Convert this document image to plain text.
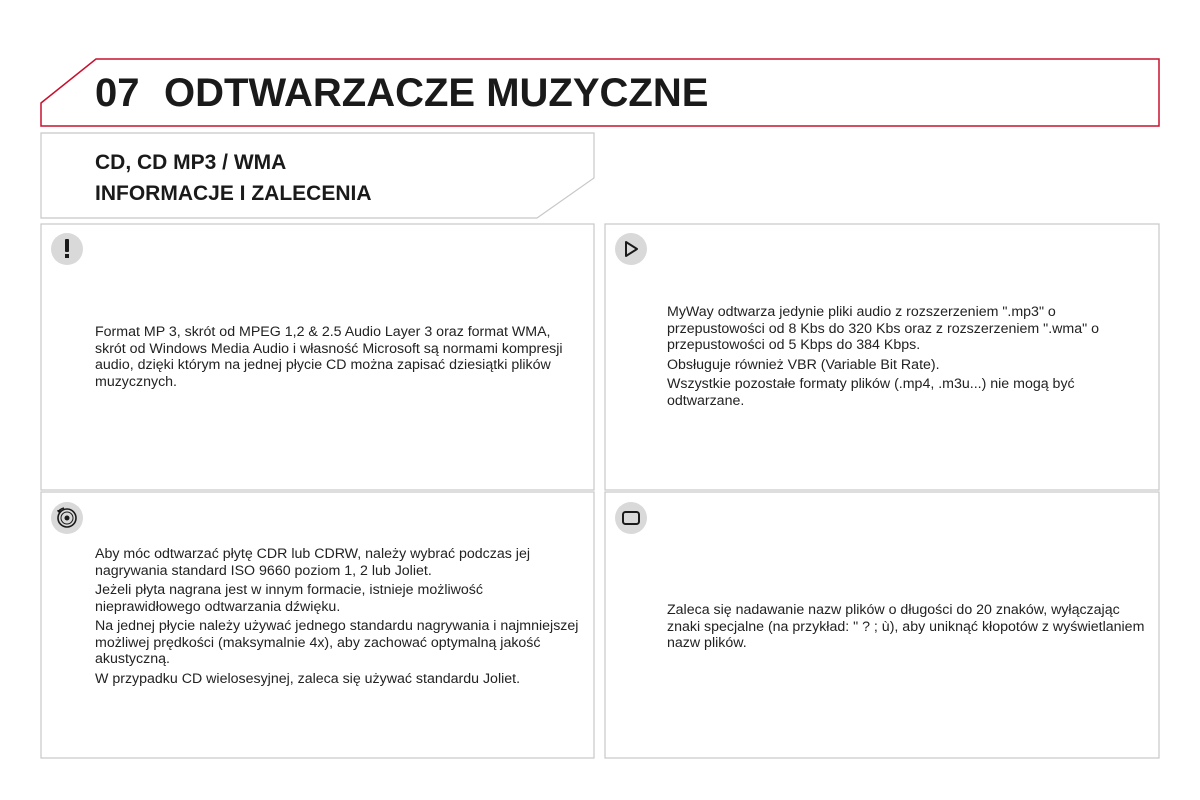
07 ODTWARZACZE MUZYCZNE
CD, CD MP3 / WMA
INFORMACJE I ZALECENIA

Format MP 3, skrót od MPEG 1,2 & 2.5 Audio Layer 3 oraz format WMA, skrót od Windows Media Audio i własność Microsoft są normami kompresji audio, dzięki którym na jednej płycie CD można zapisać dziesiątki plików muzycznych.

MyWay odtwarza jedynie pliki audio z rozszerzeniem ".mp3" o przepustowości od 8 Kbs do 320 Kbs oraz z rozszerzeniem ".wma" o przepustowości od 5 Kbps do 384 Kbps.

Obsługuje również VBR (Variable Bit Rate).

Wszystkie pozostałe formaty plików (.mp4, .m3u...) nie mogą być odtwarzane.

Aby móc odtwarzać płytę CDR lub CDRW, należy wybrać podczas jej nagrywania standard ISO 9660 poziom 1, 2 lub Joliet.

Jeżeli płyta nagrana jest w innym formacie, istnieje możliwość nieprawidłowego odtwarzania dźwięku.

Na jednej płycie należy używać jednego standardu nagrywania i najmniejszej możliwej prędkości (maksymalnie 4x), aby zachować optymalną jakość akustyczną.

W przypadku CD wielosesyjnej, zaleca się używać standardu Joliet.

Zaleca się nadawanie nazw plików o długości do 20 znaków, wyłączając znaki specjalne (na przykład: " ? ; ù), aby uniknąć kłopotów z wyświetlaniem nazw plików.
